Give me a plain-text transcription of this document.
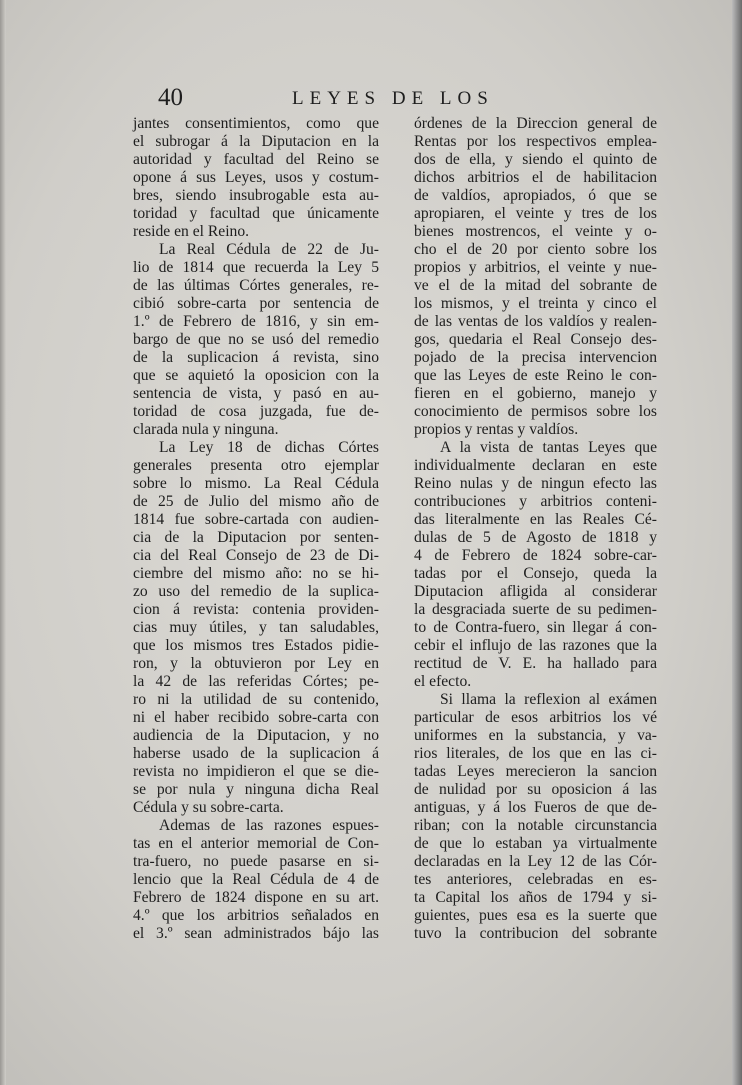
40	LEYES DE LOS
jantes consentimientos, como que
el subrogar á la Diputacion en la
autoridad y facultad del Reino se
opone á sus Leyes, usos y costum-
bres, siendo insubrogable esta au-
toridad y facultad que únicamente
reside en el Reino.
La Real Cédula de 22 de Ju-
lio de 1814 que recuerda la Ley 5
de las últimas Córtes generales, re-
cibió sobre-carta por sentencia de
1.º de Febrero de 1816, y sin em-
bargo de que no se usó del remedio
de la suplicacion á revista, sino
que se aquietó la oposicion con la
sentencia de vista, y pasó en au-
toridad de cosa juzgada, fue de-
clarada nula y ninguna.
La Ley 18 de dichas Córtes
generales presenta otro ejemplar
sobre lo mismo. La Real Cédula
de 25 de Julio del mismo año de
1814 fue sobre-cartada con audien-
cia de la Diputacion por senten-
cia del Real Consejo de 23 de Di-
ciembre del mismo año: no se hi-
zo uso del remedio de la suplica-
cion á revista: contenia providen-
cias muy útiles, y tan saludables,
que los mismos tres Estados pidie-
ron, y la obtuvieron por Ley en
la 42 de las referidas Córtes; pe-
ro ni la utilidad de su contenido,
ni el haber recibido sobre-carta con
audiencia de la Diputacion, y no
haberse usado de la suplicacion á
revista no impidieron el que se die-
se por nula y ninguna dicha Real
Cédula y su sobre-carta.
Ademas de las razones espues-
tas en el anterior memorial de Con-
tra-fuero, no puede pasarse en si-
lencio que la Real Cédula de 4 de
Febrero de 1824 dispone en su art.
4.º que los arbitrios señalados en
el 3.º sean administrados bájo las
órdenes de la Direccion general de
Rentas por los respectivos emplea-
dos de ella, y siendo el quinto de
dichos arbitrios el de habilitacion
de valdíos, apropiados, ó que se
apropiaren, el veinte y tres de los
bienes mostrencos, el veinte y o-
cho el de 20 por ciento sobre los
propios y arbitrios, el veinte y nue-
ve el de la mitad del sobrante de
los mismos, y el treinta y cinco el
de las ventas de los valdíos y realen-
gos, quedaria el Real Consejo des-
pojado de la precisa intervencion
que las Leyes de este Reino le con-
fieren en el gobierno, manejo y
conocimiento de permisos sobre los
propios y rentas y valdíos.
A la vista de tantas Leyes que
individualmente declaran en este
Reino nulas y de ningun efecto las
contribuciones y arbitrios conteni-
das literalmente en las Reales Cé-
dulas de 5 de Agosto de 1818 y
4 de Febrero de 1824 sobre-car-
tadas por el Consejo, queda la
Diputacion afligida al considerar
la desgraciada suerte de su pedimen-
to de Contra-fuero, sin llegar á con-
cebir el influjo de las razones que la
rectitud de V. E. ha hallado para
el efecto.
Si llama la reflexion al exámen
particular de esos arbitrios los vé
uniformes en la substancia, y va-
rios literales, de los que en las ci-
tadas Leyes merecieron la sancion
de nulidad por su oposicion á las
antiguas, y á los Fueros de que de-
riban; con la notable circunstancia
de que lo estaban ya virtualmente
declaradas en la Ley 12 de las Cór-
tes anteriores, celebradas en es-
ta Capital los años de 1794 y si-
guientes, pues esa es la suerte que
tuvo la contribucion del sobrante
